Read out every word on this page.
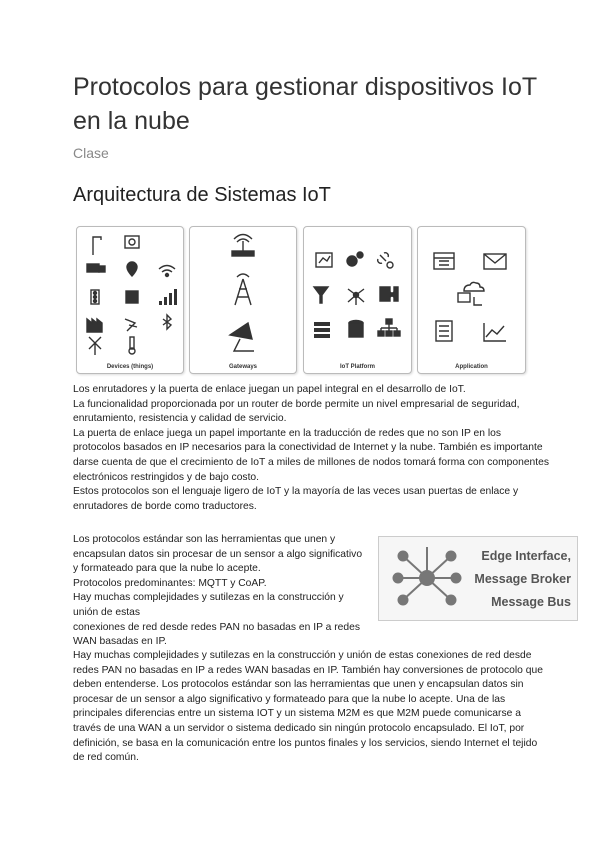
Protocolos para gestionar dispositivos IoT en la nube
Clase
Arquitectura de Sistemas IoT
Devices (things)	Gateways	IoT Platform	Application

Los enrutadores y la puerta de enlace juegan un papel integral en el desarrollo de IoT.

La funcionalidad proporcionada por un router de borde permite un nivel empresarial de seguridad, enrutamiento, resistencia y calidad de servicio.

La puerta de enlace juega un papel importante en la traducción de redes que no son IP en los protocolos basados en IP necesarios para la conectividad de Internet y la nube. También es importante darse cuenta de que el crecimiento de IoT a miles de millones de nodos tomará forma con componentes electrónicos restringidos y de bajo costo.

Estos protocolos son el lenguaje ligero de IoT y la mayoría de las veces usan puertas de enlace y enrutadores de borde como traductores.

Los protocolos estándar son las herramientas que unen y encapsulan datos sin procesar de un sensor a algo significativo y formateado para que la nube lo acepte.

Protocolos predominantes: MQTT y CoAP.

Hay muchas complejidades y sutilezas en la construcción y unión de estas

conexiones de red desde redes PAN no basadas en IP a redes WAN basadas en IP.

Edge Interface,
Message Broker
Message Bus

Hay muchas complejidades y sutilezas en la construcción y unión de estas conexiones de red desde redes PAN no basadas en IP a redes WAN basadas en IP. También hay conversiones de protocolo que deben entenderse. Los protocolos estándar son las herramientas que unen y encapsulan datos sin procesar de un sensor a algo significativo y formateado para que la nube lo acepte. Una de las principales diferencias entre un sistema IOT y un sistema M2M es que M2M puede comunicarse a través de una WAN a un servidor o sistema dedicado sin ningún protocolo encapsulado. El IoT, por definición, se basa en la comunicación entre los puntos finales y los servicios, siendo Internet el tejido de red común.
